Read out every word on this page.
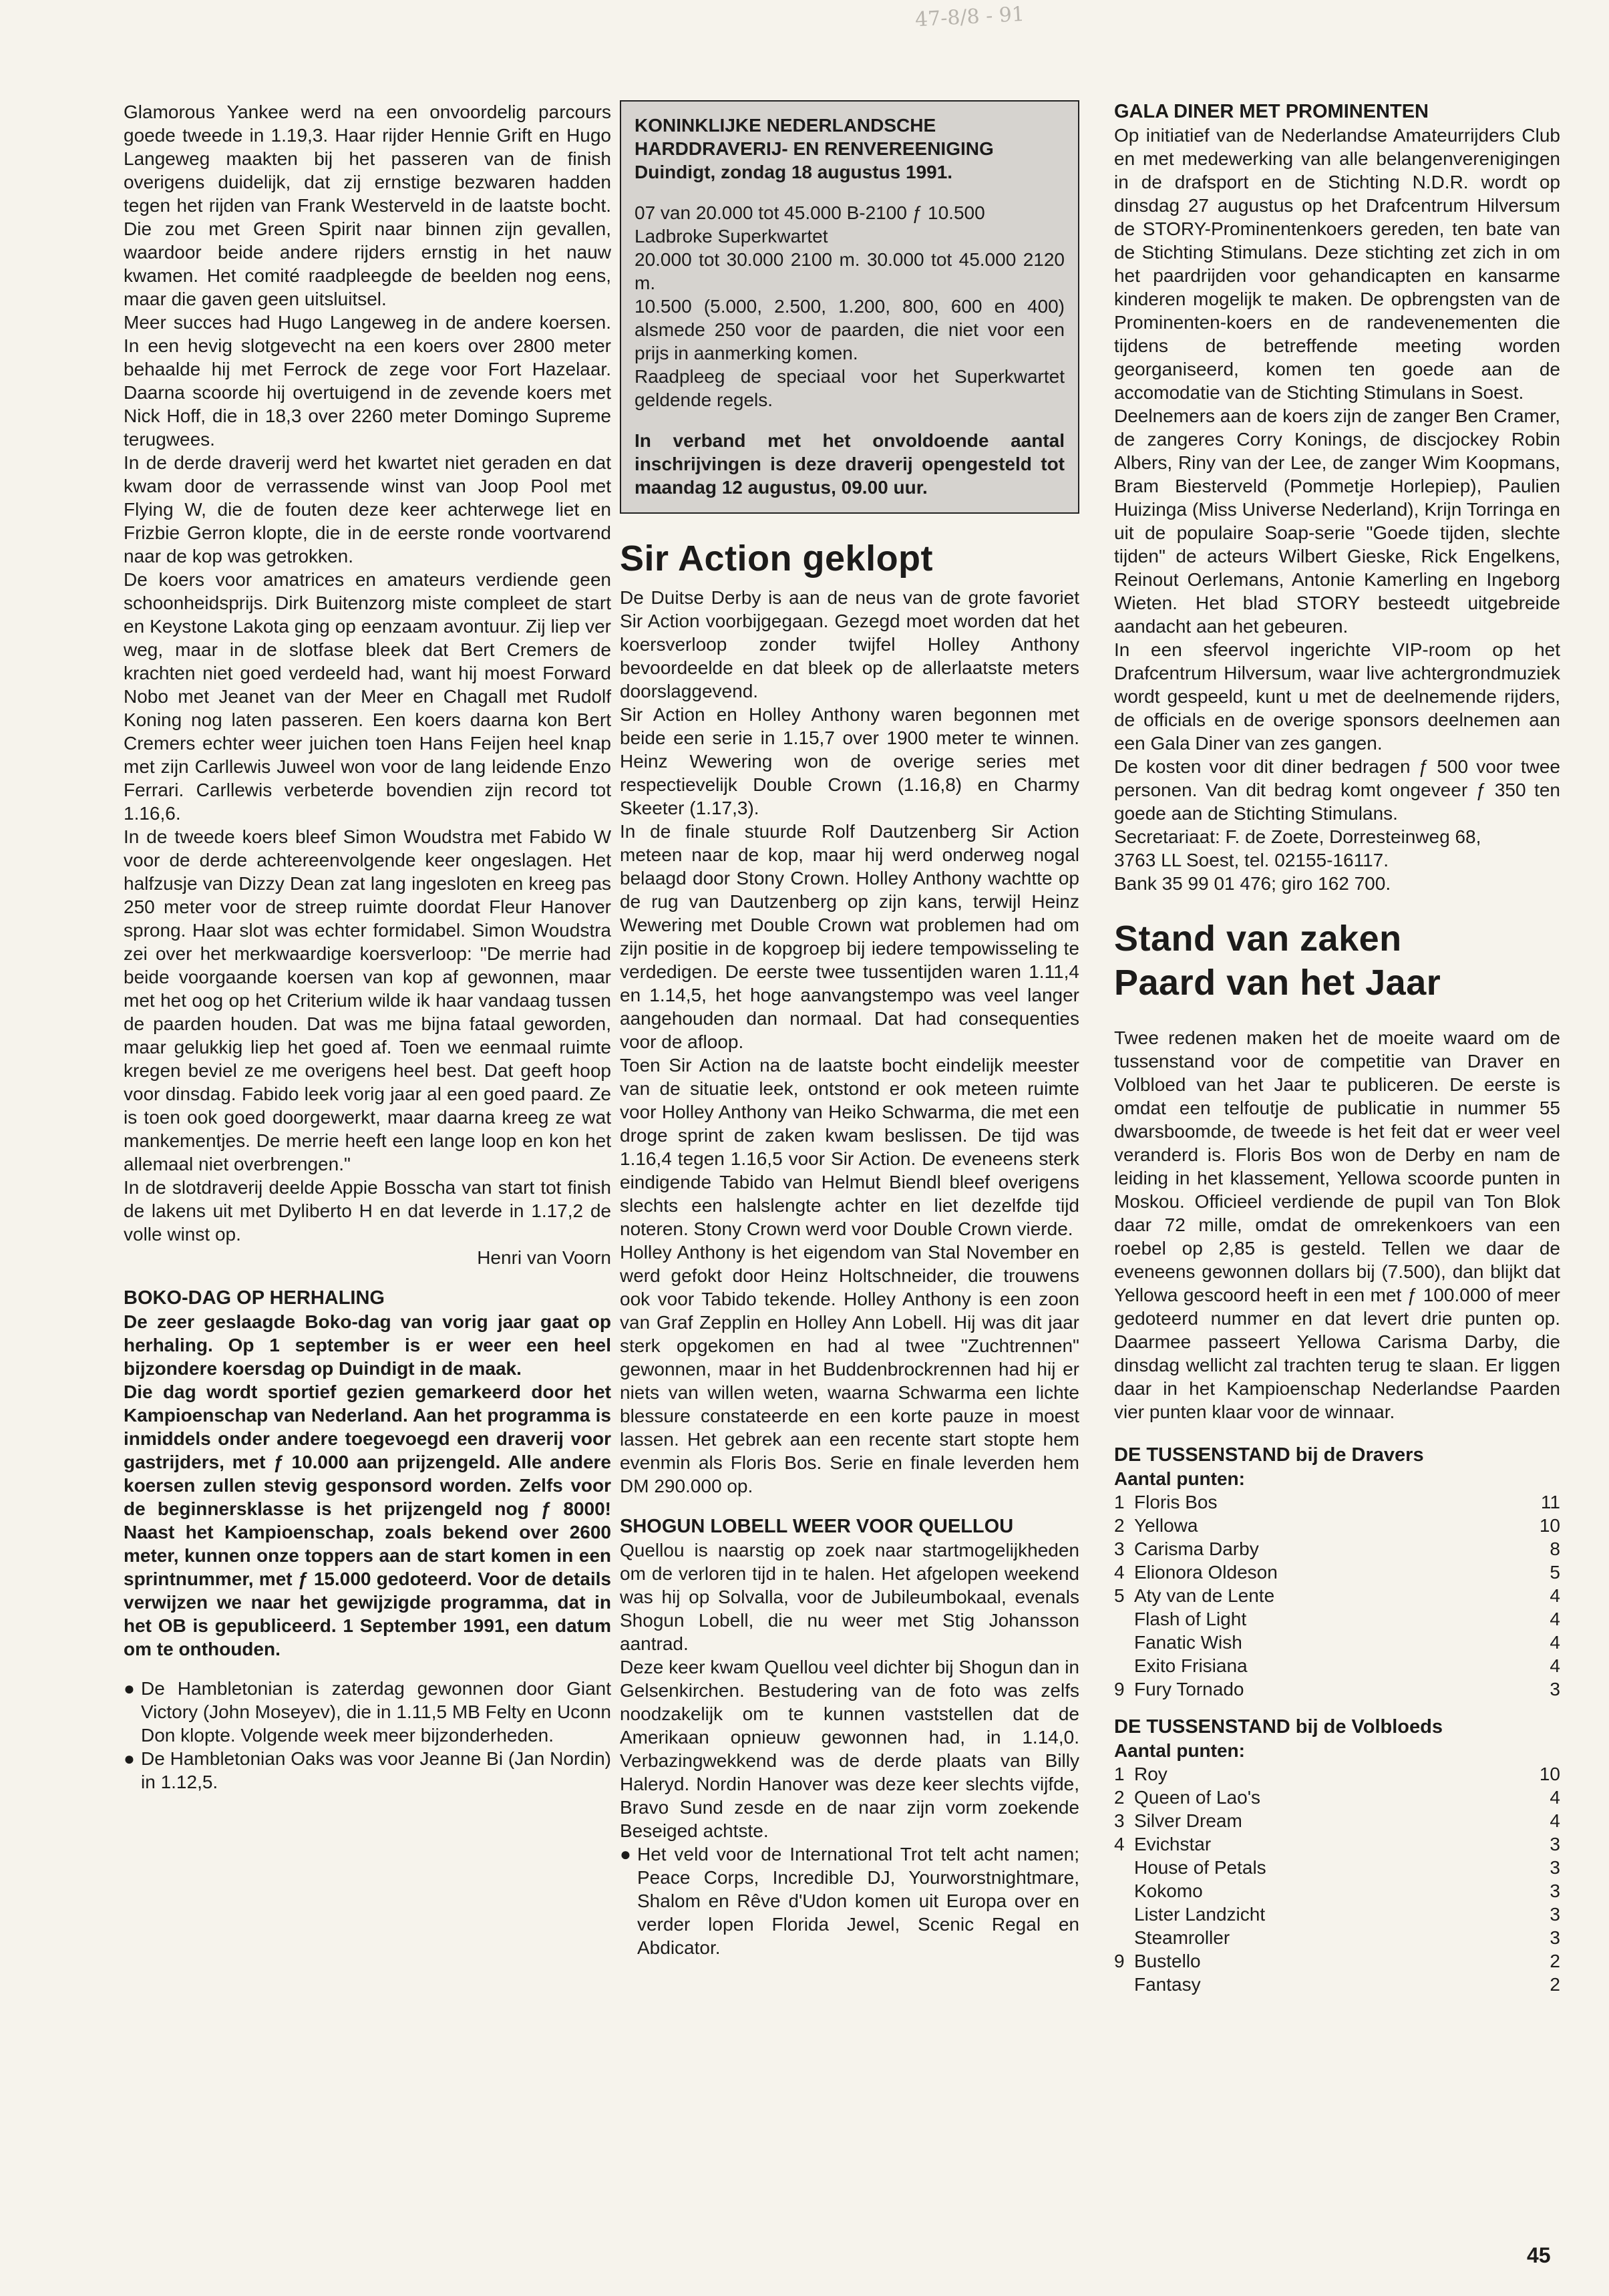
47-8/8 - 91

Glamorous Yankee werd na een onvoordelig parcours goede tweede in 1.19,3. Haar rijder Hennie Grift en Hugo Langeweg maakten bij het passeren van de finish overigens duidelijk, dat zij ernstige bezwaren hadden tegen het rijden van Frank Westerveld in de laatste bocht. Die zou met Green Spirit naar binnen zijn gevallen, waardoor beide andere rijders ernstig in het nauw kwamen. Het comité raadpleegde de beelden nog eens, maar die gaven geen uitsluitsel.

Meer succes had Hugo Langeweg in de andere koersen. In een hevig slotgevecht na een koers over 2800 meter behaalde hij met Ferrock de zege voor Fort Hazelaar. Daarna scoorde hij overtuigend in de zevende koers met Nick Hoff, die in 18,3 over 2260 meter Domingo Supreme terugwees.

In de derde draverij werd het kwartet niet geraden en dat kwam door de verrassende winst van Joop Pool met Flying W, die de fouten deze keer achterwege liet en Frizbie Gerron klopte, die in de eerste ronde voortvarend naar de kop was getrokken.

De koers voor amatrices en amateurs verdiende geen schoonheidsprijs. Dirk Buitenzorg miste compleet de start en Keystone Lakota ging op eenzaam avontuur. Zij liep ver weg, maar in de slotfase bleek dat Bert Cremers de krachten niet goed verdeeld had, want hij moest Forward Nobo met Jeanet van der Meer en Chagall met Rudolf Koning nog laten passeren. Een koers daarna kon Bert Cremers echter weer juichen toen Hans Feijen heel knap met zijn Carllewis Juweel won voor de lang leidende Enzo Ferrari. Carllewis verbeterde bovendien zijn record tot 1.16,6.

In de tweede koers bleef Simon Woudstra met Fabido W voor de derde achtereenvolgende keer ongeslagen. Het halfzusje van Dizzy Dean zat lang ingesloten en kreeg pas 250 meter voor de streep ruimte doordat Fleur Hanover sprong. Haar slot was echter formidabel. Simon Woudstra zei over het merkwaardige koersverloop: "De merrie had beide voorgaande koersen van kop af gewonnen, maar met het oog op het Criterium wilde ik haar vandaag tussen de paarden houden. Dat was me bijna fataal geworden, maar gelukkig liep het goed af. Toen we eenmaal ruimte kregen beviel ze me overigens heel best. Dat geeft hoop voor dinsdag. Fabido leek vorig jaar al een goed paard. Ze is toen ook goed doorgewerkt, maar daarna kreeg ze wat mankementjes. De merrie heeft een lange loop en kon het allemaal niet overbrengen."

In de slotdraverij deelde Appie Bosscha van start tot finish de lakens uit met Dyliberto H en dat leverde in 1.17,2 de volle winst op.

Henri van Voorn

BOKO-DAG OP HERHALING

De zeer geslaagde Boko-dag van vorig jaar gaat op herhaling. Op 1 september is er weer een heel bijzondere koersdag op Duindigt in de maak.

Die dag wordt sportief gezien gemarkeerd door het Kampioenschap van Nederland. Aan het programma is inmiddels onder andere toegevoegd een draverij voor gastrijders, met ƒ 10.000 aan prijzengeld. Alle andere koersen zullen stevig gesponsord worden. Zelfs voor de beginnersklasse is het prijzengeld nog ƒ 8000! Naast het Kampioenschap, zoals bekend over 2600 meter, kunnen onze toppers aan de start komen in een sprintnummer, met ƒ 15.000 gedoteerd. Voor de details verwijzen we naar het gewijzigde programma, dat in het OB is gepubliceerd. 1 September 1991, een datum om te onthouden.

● De Hambletonian is zaterdag gewonnen door Giant Victory (John Moseyev), die in 1.11,5 MB Felty en Uconn Don klopte. Volgende week meer bijzonderheden.

● De Hambletonian Oaks was voor Jeanne Bi (Jan Nordin) in 1.12,5.

KONINKLIJKE NEDERLANDSCHE

HARDDRAVERIJ- EN RENVEREENIGING

Duindigt, zondag 18 augustus 1991.

07 van 20.000 tot 45.000 B-2100 ƒ 10.500

Ladbroke Superkwartet

20.000 tot 30.000 2100 m. 30.000 tot 45.000 2120 m.

10.500 (5.000, 2.500, 1.200, 800, 600 en 400) alsmede 250 voor de paarden, die niet voor een prijs in aanmerking komen.

Raadpleeg de speciaal voor het Superkwartet geldende regels.

In verband met het onvoldoende aantal inschrijvingen is deze draverij opengesteld tot maandag 12 augustus, 09.00 uur.

Sir Action geklopt

De Duitse Derby is aan de neus van de grote favoriet Sir Action voorbijgegaan. Gezegd moet worden dat het koersverloop zonder twijfel Holley Anthony bevoordeelde en dat bleek op de allerlaatste meters doorslaggevend.

Sir Action en Holley Anthony waren begonnen met beide een serie in 1.15,7 over 1900 meter te winnen. Heinz Wewering won de overige series met respectievelijk Double Crown (1.16,8) en Charmy Skeeter (1.17,3).

In de finale stuurde Rolf Dautzenberg Sir Action meteen naar de kop, maar hij werd onderweg nogal belaagd door Stony Crown. Holley Anthony wachtte op de rug van Dautzenberg op zijn kans, terwijl Heinz Wewering met Double Crown wat problemen had om zijn positie in de kopgroep bij iedere tempowisseling te verdedigen. De eerste twee tussentijden waren 1.11,4 en 1.14,5, het hoge aanvangstempo was veel langer aangehouden dan normaal. Dat had consequenties voor de afloop.

Toen Sir Action na de laatste bocht eindelijk meester van de situatie leek, ontstond er ook meteen ruimte voor Holley Anthony van Heiko Schwarma, die met een droge sprint de zaken kwam beslissen. De tijd was 1.16,4 tegen 1.16,5 voor Sir Action. De eveneens sterk eindigende Tabido van Helmut Biendl bleef overigens slechts een halslengte achter en liet dezelfde tijd noteren. Stony Crown werd voor Double Crown vierde.

Holley Anthony is het eigendom van Stal November en werd gefokt door Heinz Holtschneider, die trouwens ook voor Tabido tekende. Holley Anthony is een zoon van Graf Zepplin en Holley Ann Lobell. Hij was dit jaar sterk opgekomen en had al twee "Zuchtrennen" gewonnen, maar in het Buddenbrockrennen had hij er niets van willen weten, waarna Schwarma een lichte blessure constateerde en een korte pauze in moest lassen. Het gebrek aan een recente start stopte hem evenmin als Floris Bos. Serie en finale leverden hem DM 290.000 op.

SHOGUN LOBELL WEER VOOR QUELLOU

Quellou is naarstig op zoek naar startmogelijkheden om de verloren tijd in te halen. Het afgelopen weekend was hij op Solvalla, voor de Jubileumbokaal, evenals Shogun Lobell, die nu weer met Stig Johansson aantrad.

Deze keer kwam Quellou veel dichter bij Shogun dan in Gelsenkirchen. Bestudering van de foto was zelfs noodzakelijk om te kunnen vaststellen dat de Amerikaan opnieuw gewonnen had, in 1.14,0. Verbazingwekkend was de derde plaats van Billy Haleryd. Nordin Hanover was deze keer slechts vijfde, Bravo Sund zesde en de naar zijn vorm zoekende Beseiged achtste.

● Het veld voor de International Trot telt acht namen; Peace Corps, Incredible DJ, Yourworstnightmare, Shalom en Rêve d'Udon komen uit Europa over en verder lopen Florida Jewel, Scenic Regal en Abdicator.

GALA DINER MET PROMINENTEN

Op initiatief van de Nederlandse Amateurrijders Club en met medewerking van alle belangenverenigingen in de drafsport en de Stichting N.D.R. wordt op dinsdag 27 augustus op het Drafcentrum Hilversum de STORY-Prominentenkoers gereden, ten bate van de Stichting Stimulans. Deze stichting zet zich in om het paardrijden voor gehandicapten en kansarme kinderen mogelijk te maken. De opbrengsten van de Prominenten-koers en de randevenementen die tijdens de betreffende meeting worden georganiseerd, komen ten goede aan de accomodatie van de Stichting Stimulans in Soest.

Deelnemers aan de koers zijn de zanger Ben Cramer, de zangeres Corry Konings, de discjockey Robin Albers, Riny van der Lee, de zanger Wim Koopmans, Bram Biesterveld (Pommetje Horlepiep), Paulien Huizinga (Miss Universe Nederland), Krijn Torringa en uit de populaire Soap-serie "Goede tijden, slechte tijden" de acteurs Wilbert Gieske, Rick Engelkens, Reinout Oerlemans, Antonie Kamerling en Ingeborg Wieten. Het blad STORY besteedt uitgebreide aandacht aan het gebeuren.

In een sfeervol ingerichte VIP-room op het Drafcentrum Hilversum, waar live achtergrondmuziek wordt gespeeld, kunt u met de deelnemende rijders, de officials en de overige sponsors deelnemen aan een Gala Diner van zes gangen.

De kosten voor dit diner bedragen ƒ 500 voor twee personen. Van dit bedrag komt ongeveer ƒ 350 ten goede aan de Stichting Stimulans.

Secretariaat: F. de Zoete, Dorresteinweg 68,

3763 LL Soest, tel. 02155-16117.

Bank 35 99 01 476; giro 162 700.

Stand van zaken
Paard van het Jaar

Twee redenen maken het de moeite waard om de tussenstand voor de competitie van Draver en Volbloed van het Jaar te publiceren. De eerste is omdat een telfoutje de publicatie in nummer 55 dwarsboomde, de tweede is het feit dat er weer veel veranderd is. Floris Bos won de Derby en nam de leiding in het klassement, Yellowa scoorde punten in Moskou. Officieel verdiende de pupil van Ton Blok daar 72 mille, omdat de omrekenkoers van een roebel op 2,85 is gesteld. Tellen we daar de eveneens gewonnen dollars bij (7.500), dan blijkt dat Yellowa gescoord heeft in een met ƒ 100.000 of meer gedoteerd nummer en dat levert drie punten op. Daarmee passeert Yellowa Carisma Darby, die dinsdag wellicht zal trachten terug te slaan. Er liggen daar in het Kampioenschap Nederlandse Paarden vier punten klaar voor de winnaar.

DE TUSSENSTAND bij de Dravers

Aantal punten:

1	Floris Bos	11
2	Yellowa	10
3	Carisma Darby	8
4	Elionora Oldeson	5
5	Aty van de Lente	4
	Flash of Light	4
	Fanatic Wish	4
	Exito Frisiana	4
9	Fury Tornado	3

DE TUSSENSTAND bij de Volbloeds

Aantal punten:

1	Roy	10
2	Queen of Lao's	4
3	Silver Dream	4
4	Evichstar	3
	House of Petals	3
	Kokomo	3
	Lister Landzicht	3
	Steamroller	3
9	Bustello	2
	Fantasy	2
45
